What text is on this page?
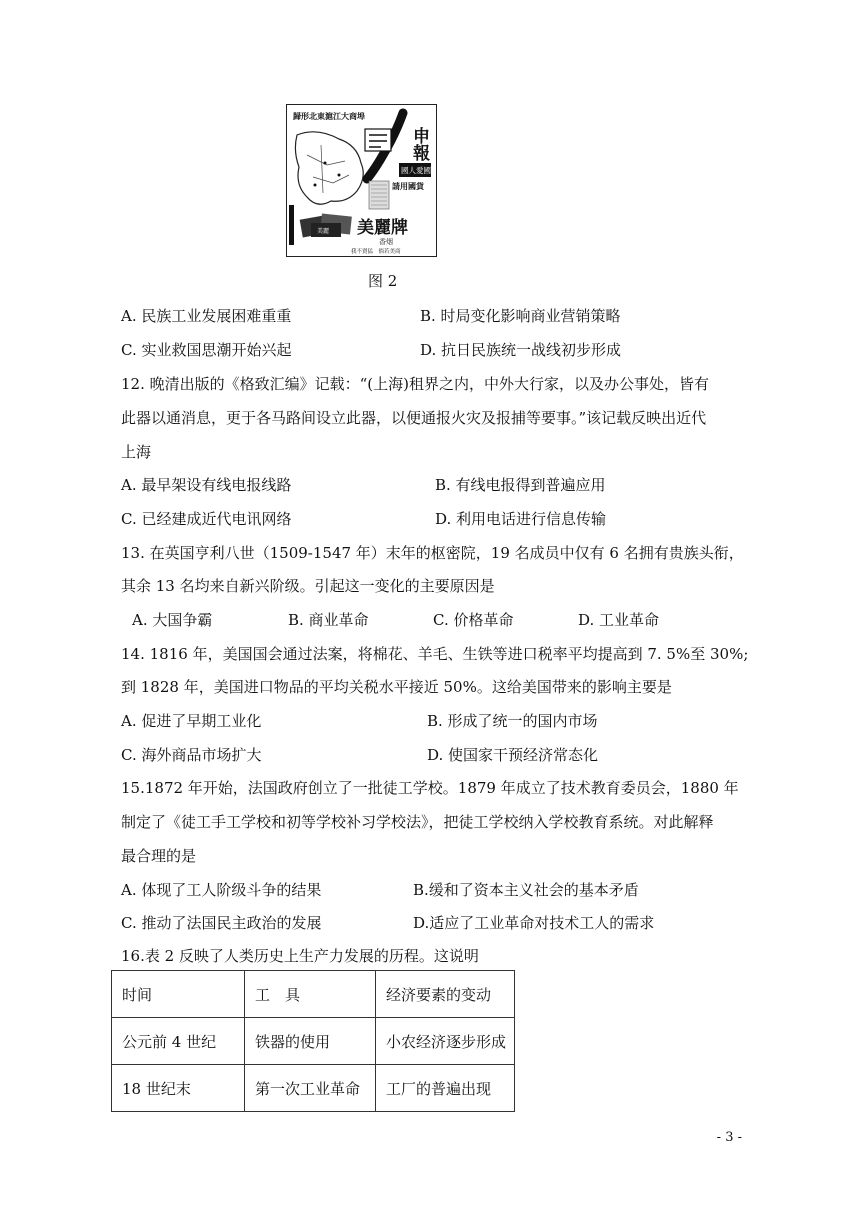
歸形北東滬江大商埠
申報
國人愛國
請用國貨
美麗 美麗牌
香烟
我不賣猛　倘若美商
图 2
A. 民族工业发展困难重重	B. 时局变化影响商业营销策略
C. 实业救国思潮开始兴起	D. 抗日民族统一战线初步形成
12. 晚清出版的《格致汇编》记载：“(上海)租界之内，中外大行家，以及办公事处，皆有
此器以通消息，更于各马路间设立此器，以便通报火灾及报捕等要事。”该记载反映出近代
上海
A. 最早架设有线电报线路	B. 有线电报得到普遍应用
C. 已经建成近代电讯网络	D. 利用电话进行信息传输
13. 在英国亨利八世（1509-1547 年）末年的枢密院，19 名成员中仅有 6 名拥有贵族头衔，
其余 13 名均来自新兴阶级。引起这一变化的主要原因是
A. 大国争霸	B. 商业革命	C. 价格革命	D. 工业革命
14. 1816 年，美国国会通过法案，将棉花、羊毛、生铁等进口税率平均提高到 7. 5%至 30%;
到 1828 年，美国进口物品的平均关税水平接近 50%。这给美国带来的影响主要是
A. 促进了早期工业化	B. 形成了统一的国内市场
C. 海外商品市场扩大	D. 使国家干预经济常态化
15.1872 年开始，法国政府创立了一批徒工学校。1879 年成立了技术教育委员会，1880 年
制定了《徒工手工学校和初等学校补习学校法》，把徒工学校纳入学校教育系统。对此解释
最合理的是
A. 体现了工人阶级斗争的结果	B.缓和了资本主义社会的基本矛盾
C. 推动了法国民主政治的发展	D.适应了工业革命对技术工人的需求
16.表 2 反映了人类历史上生产力发展的历程。这说明
时间	工　具	经济要素的变动
公元前 4 世纪	铁器的使用	小农经济逐步形成
18 世纪末	第一次工业革命	工厂的普遍出现
- 3 -
